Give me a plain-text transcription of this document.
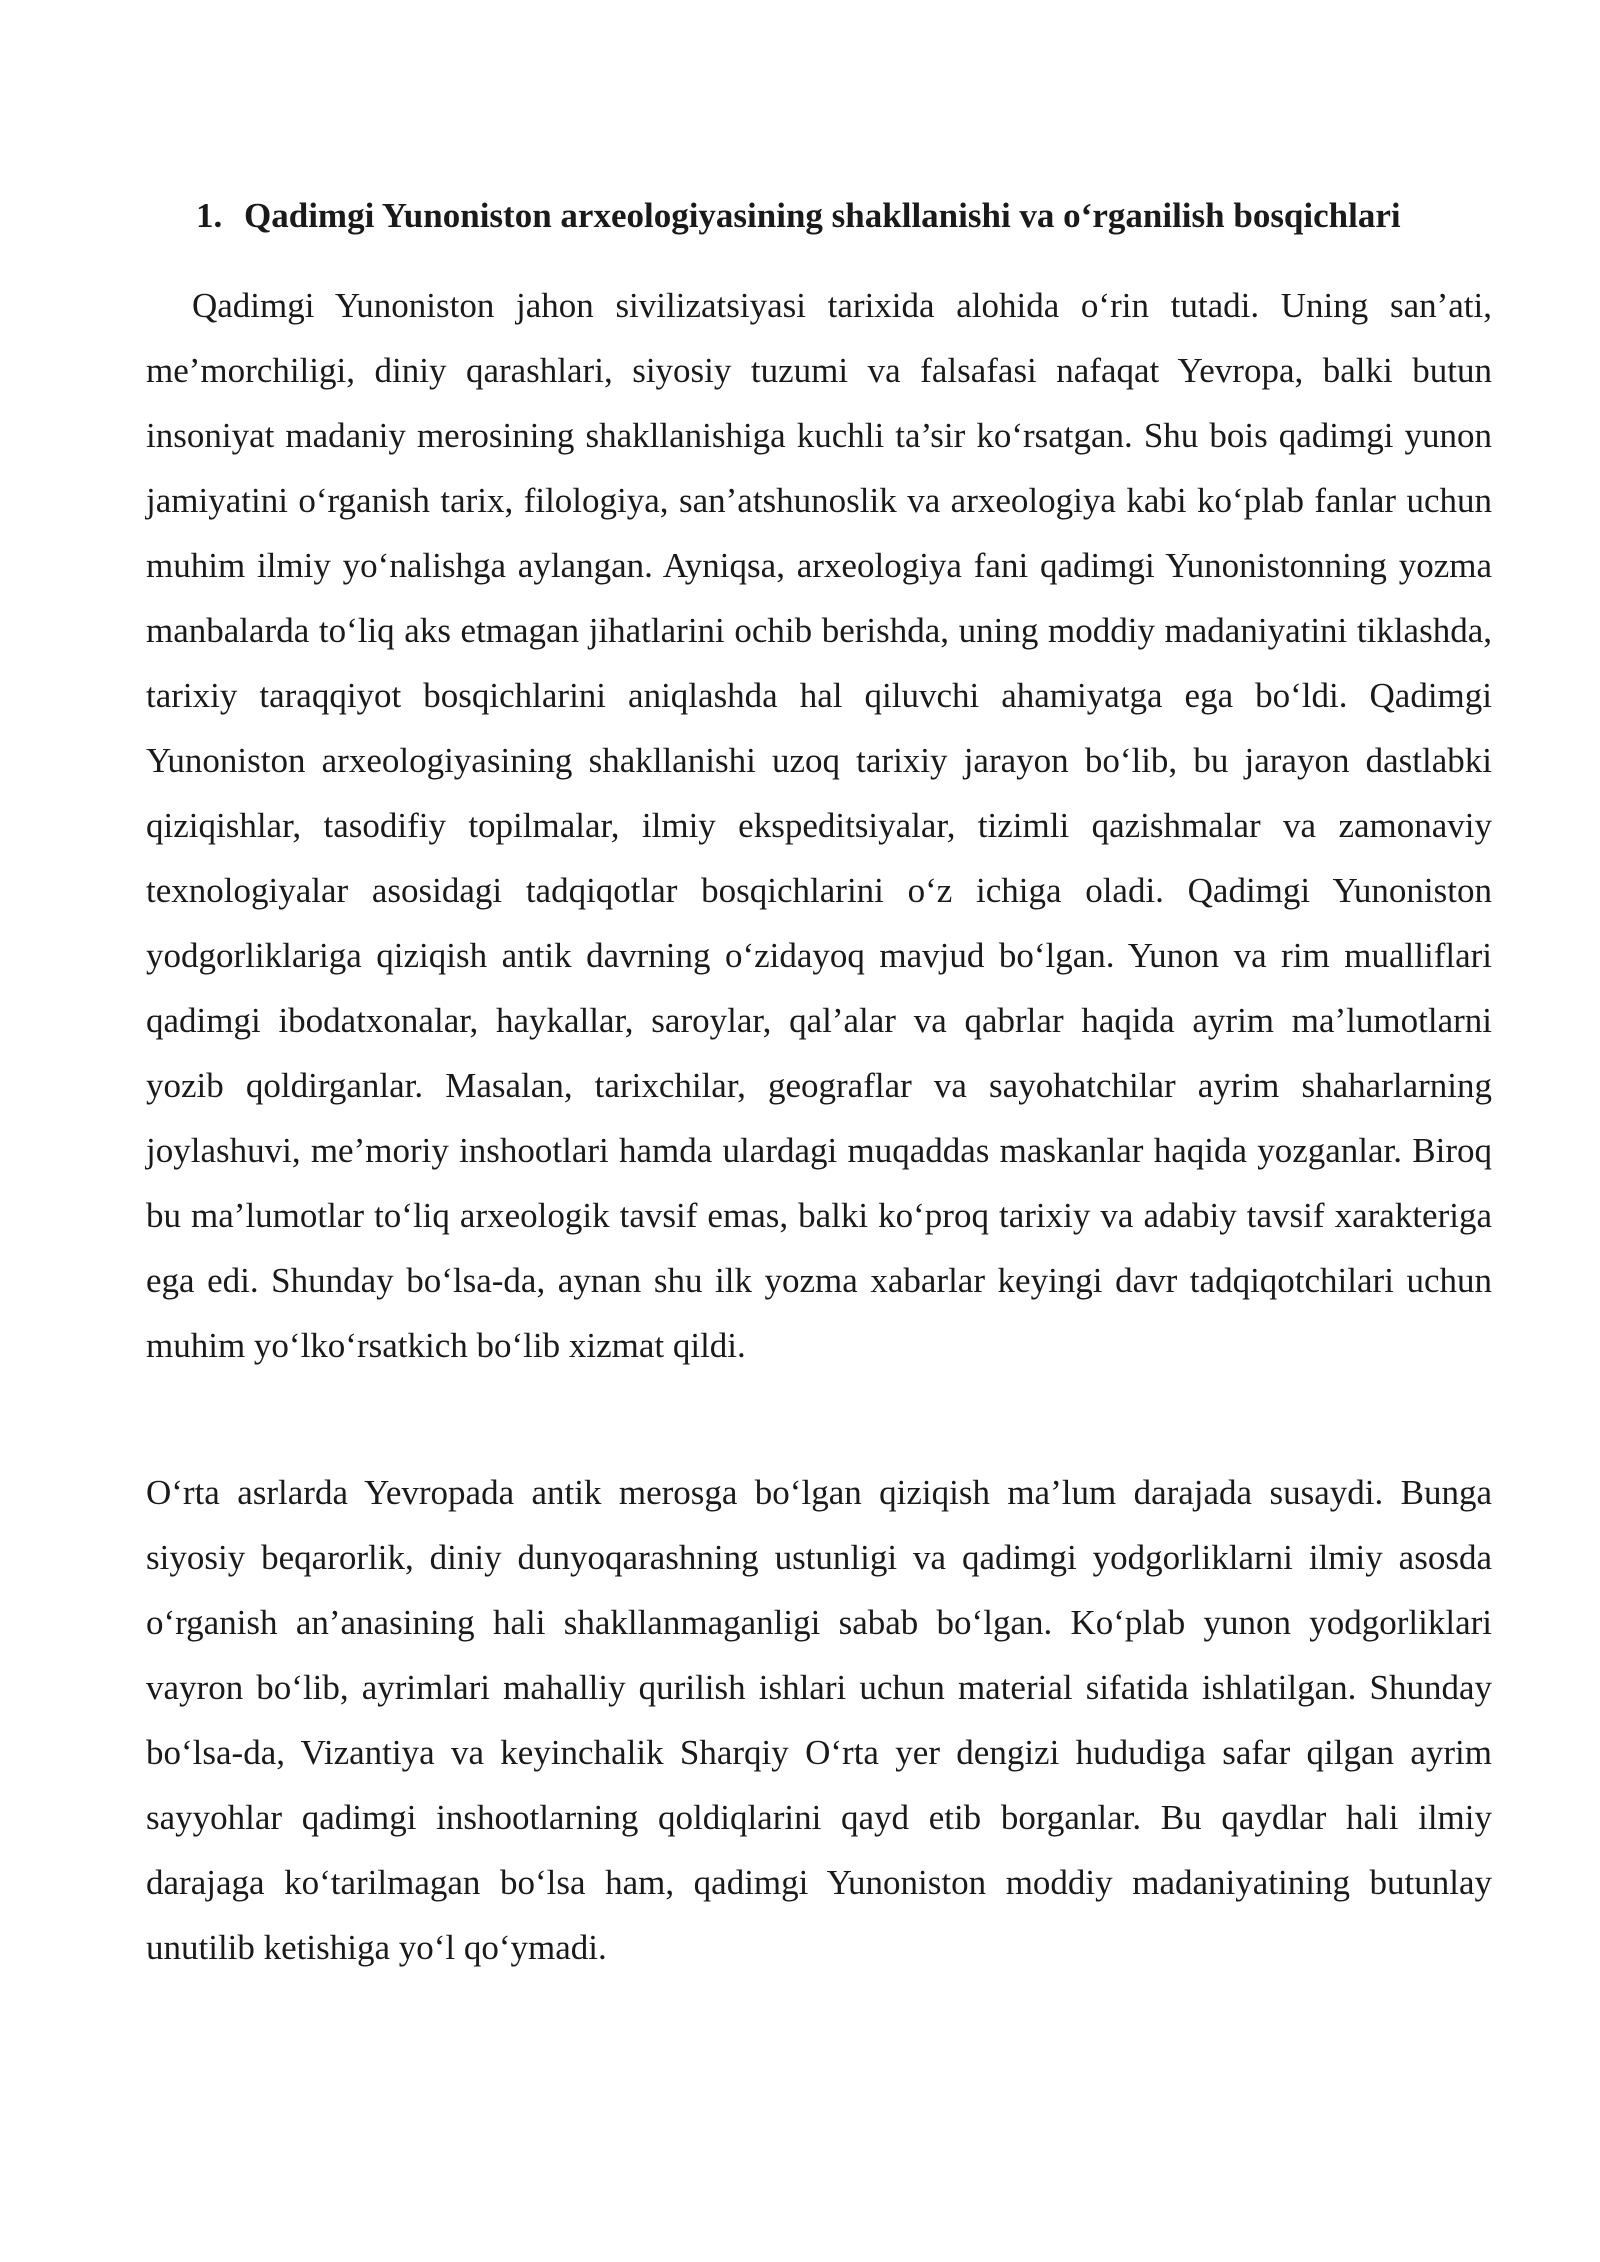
1. Qadimgi Yunoniston arxeologiyasining shakllanishi va o‘rganilish bosqichlari

Qadimgi Yunoniston jahon sivilizatsiyasi tarixida alohida o‘rin tutadi. Uning san’ati, me’morchiligi, diniy qarashlari, siyosiy tuzumi va falsafasi nafaqat Yevropa, balki butun insoniyat madaniy merosining shakllanishiga kuchli ta’sir ko‘rsatgan. Shu bois qadimgi yunon jamiyatini o‘rganish tarix, filologiya, san’atshunoslik va arxeologiya kabi ko‘plab fanlar uchun muhim ilmiy yo‘nalishga aylangan. Ayniqsa, arxeologiya fani qadimgi Yunonistonning yozma manbalarda to‘liq aks etmagan jihatlarini ochib berishda, uning moddiy madaniyatini tiklashda, tarixiy taraqqiyot bosqichlarini aniqlashda hal qiluvchi ahamiyatga ega bo‘ldi. Qadimgi Yunoniston arxeologiyasining shakllanishi uzoq tarixiy jarayon bo‘lib, bu jarayon dastlabki qiziqishlar, tasodifiy topilmalar, ilmiy ekspeditsiyalar, tizimli qazishmalar va zamonaviy texnologiyalar asosidagi tadqiqotlar bosqichlarini o‘z ichiga oladi. Qadimgi Yunoniston yodgorliklariga qiziqish antik davrning o‘zidayoq mavjud bo‘lgan. Yunon va rim mualliflari qadimgi ibodatxonalar, haykallar, saroylar, qal’alar va qabrlar haqida ayrim ma’lumotlarni yozib qoldirganlar. Masalan, tarixchilar, geograflar va sayohatchilar ayrim shaharlarning joylashuvi, me’moriy inshootlari hamda ulardagi muqaddas maskanlar haqida yozganlar. Biroq bu ma’lumotlar to‘liq arxeologik tavsif emas, balki ko‘proq tarixiy va adabiy tavsif xarakteriga ega edi. Shunday bo‘lsa-da, aynan shu ilk yozma xabarlar keyingi davr tadqiqotchilari uchun muhim yo‘lko‘rsatkich bo‘lib xizmat qildi.

O‘rta asrlarda Yevropada antik merosga bo‘lgan qiziqish ma’lum darajada susaydi. Bunga siyosiy beqarorlik, diniy dunyoqarashning ustunligi va qadimgi yodgorliklarni ilmiy asosda o‘rganish an’anasining hali shakllanmaganligi sabab bo‘lgan. Ko‘plab yunon yodgorliklari vayron bo‘lib, ayrimlari mahalliy qurilish ishlari uchun material sifatida ishlatilgan. Shunday bo‘lsa-da, Vizantiya va keyinchalik Sharqiy O‘rta yer dengizi hududiga safar qilgan ayrim sayyohlar qadimgi inshootlarning qoldiqlarini qayd etib borganlar. Bu qaydlar hali ilmiy darajaga ko‘tarilmagan bo‘lsa ham, qadimgi Yunoniston moddiy madaniyatining butunlay unutilib ketishiga yo‘l qo‘ymadi.
